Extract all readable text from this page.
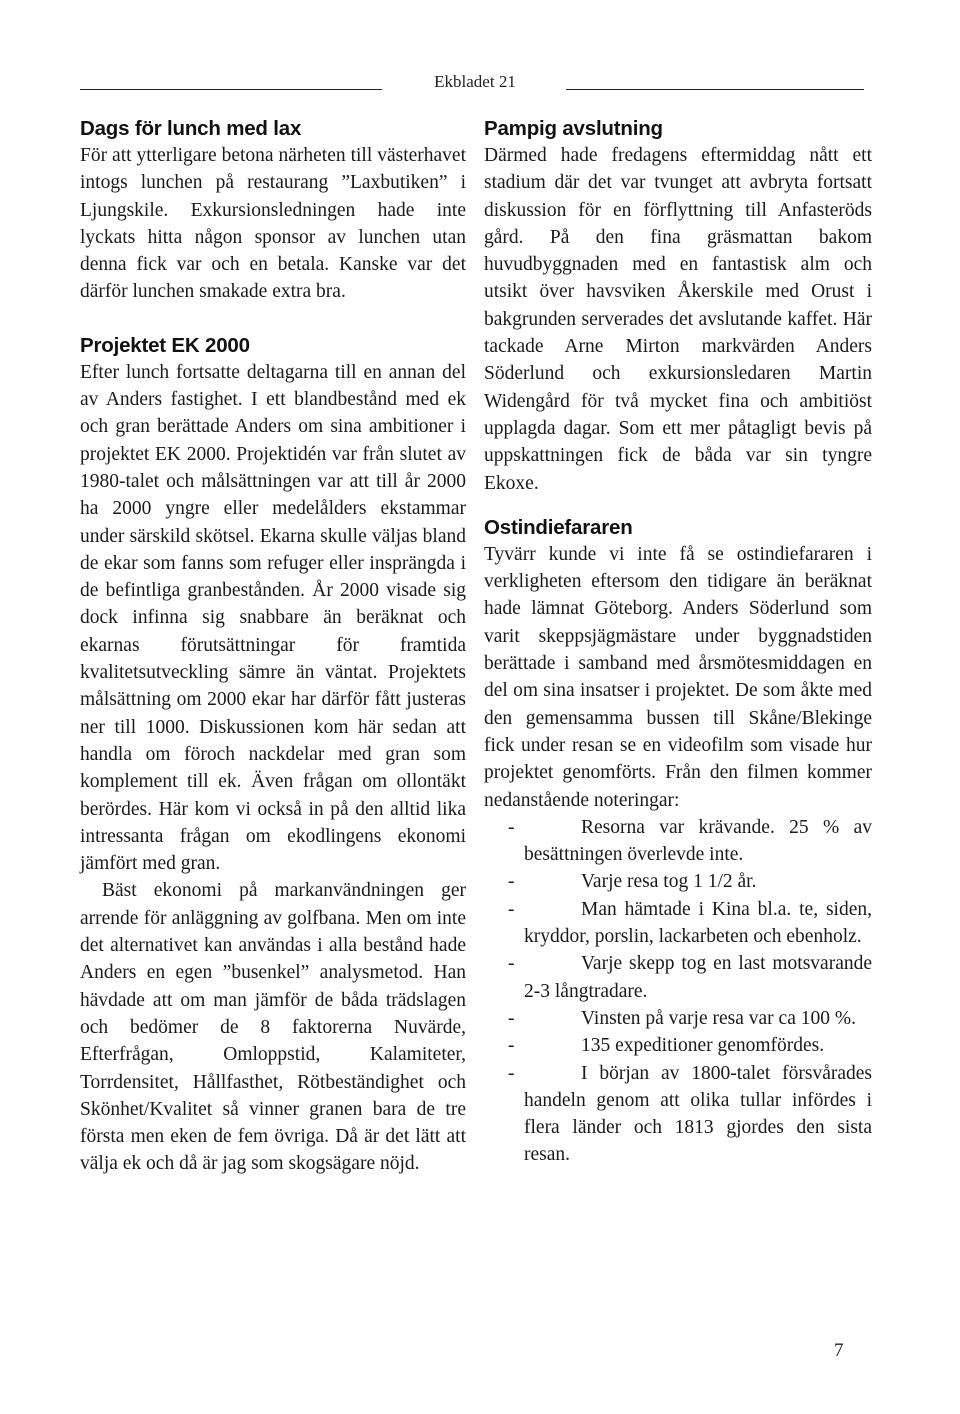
Ekbladet 21
Dags för lunch med lax

För att ytterligare betona närheten till västerhavet intogs lunchen på restaurang ”Laxbutiken” i Ljungskile. Exkursionsledningen hade inte lyckats hitta någon sponsor av lunchen utan denna fick var och en betala. Kanske var det därför lunchen smakade extra bra.

Projektet EK 2000

Efter lunch fortsatte deltagarna till en annan del av Anders fastighet. I ett blandbestånd med ek och gran berättade Anders om sina ambitioner i projektet EK 2000. Projektidén var från slutet av 1980-talet och målsättningen var att till år 2000 ha 2000 yngre eller medelålders ekstammar under särskild skötsel. Ekarna skulle väljas bland de ekar som fanns som refuger eller insprängda i de befintliga granbestånden. År 2000 visade sig dock infinna sig snabbare än beräknat och ekarnas förutsättningar för framtida kvalitetsutveckling sämre än väntat. Projektets målsättning om 2000 ekar har därför fått justeras ner till 1000. Diskussionen kom här sedan att handla om föroch nackdelar med gran som komplement till ek. Även frågan om ollontäkt berördes. Här kom vi också in på den alltid lika intressanta frågan om ekodlingens ekonomi jämfört med gran.

Bäst ekonomi på markanvändningen ger arrende för anläggning av golfbana. Men om inte det alternativet kan användas i alla bestånd hade Anders en egen ”busenkel” analysmetod. Han hävdade att om man jämför de båda trädslagen och bedömer de 8 faktorerna Nuvärde, Efterfrågan, Omloppstid, Kalamiteter, Torrdensitet, Hållfasthet, Rötbeständighet och Skönhet/Kvalitet så vinner granen bara de tre första men eken de fem övriga. Då är det lätt att välja ek och då är jag som skogsägare nöjd.

Pampig avslutning

Därmed hade fredagens eftermiddag nått ett stadium där det var tvunget att avbryta fortsatt diskussion för en förflyttning till Anfasteröds gård. På den fina gräsmattan bakom huvudbyggnaden med en fantastisk alm och utsikt över havsviken Åkerskile med Orust i bakgrunden serverades det avslutande kaffet. Här tackade Arne Mirton markvärden Anders Söderlund och exkursionsledaren Martin Widengård för två mycket fina och ambitiöst upplagda dagar. Som ett mer påtagligt bevis på uppskattningen fick de båda var sin tyngre Ekoxe.

Ostindiefararen

Tyvärr kunde vi inte få se ostindiefararen i verkligheten eftersom den tidigare än beräknat hade lämnat Göteborg. Anders Söderlund som varit skeppsjägmästare under byggnadstiden berättade i samband med årsmötesmiddagen en del om sina insatser i projektet. De som åkte med den gemensamma bussen till Skåne/Blekinge fick under resan se en videofilm som visade hur projektet genomförts. Från den filmen kommer nedanstående noteringar:

-	Resorna var krävande. 25 % av besättningen överlevde inte.
-	Varje resa tog 1 1/2 år.
-	Man hämtade i Kina bl.a. te, siden, kryddor, porslin, lackarbeten och ebenholz.
-	Varje skepp tog en last motsvarande 2-3 långtradare.
-	Vinsten på varje resa var ca 100 %.
-	135 expeditioner genomfördes.
-	I början av 1800-talet försvårades handeln genom att olika tullar infördes i flera länder och 1813 gjordes den sista resan.
7
